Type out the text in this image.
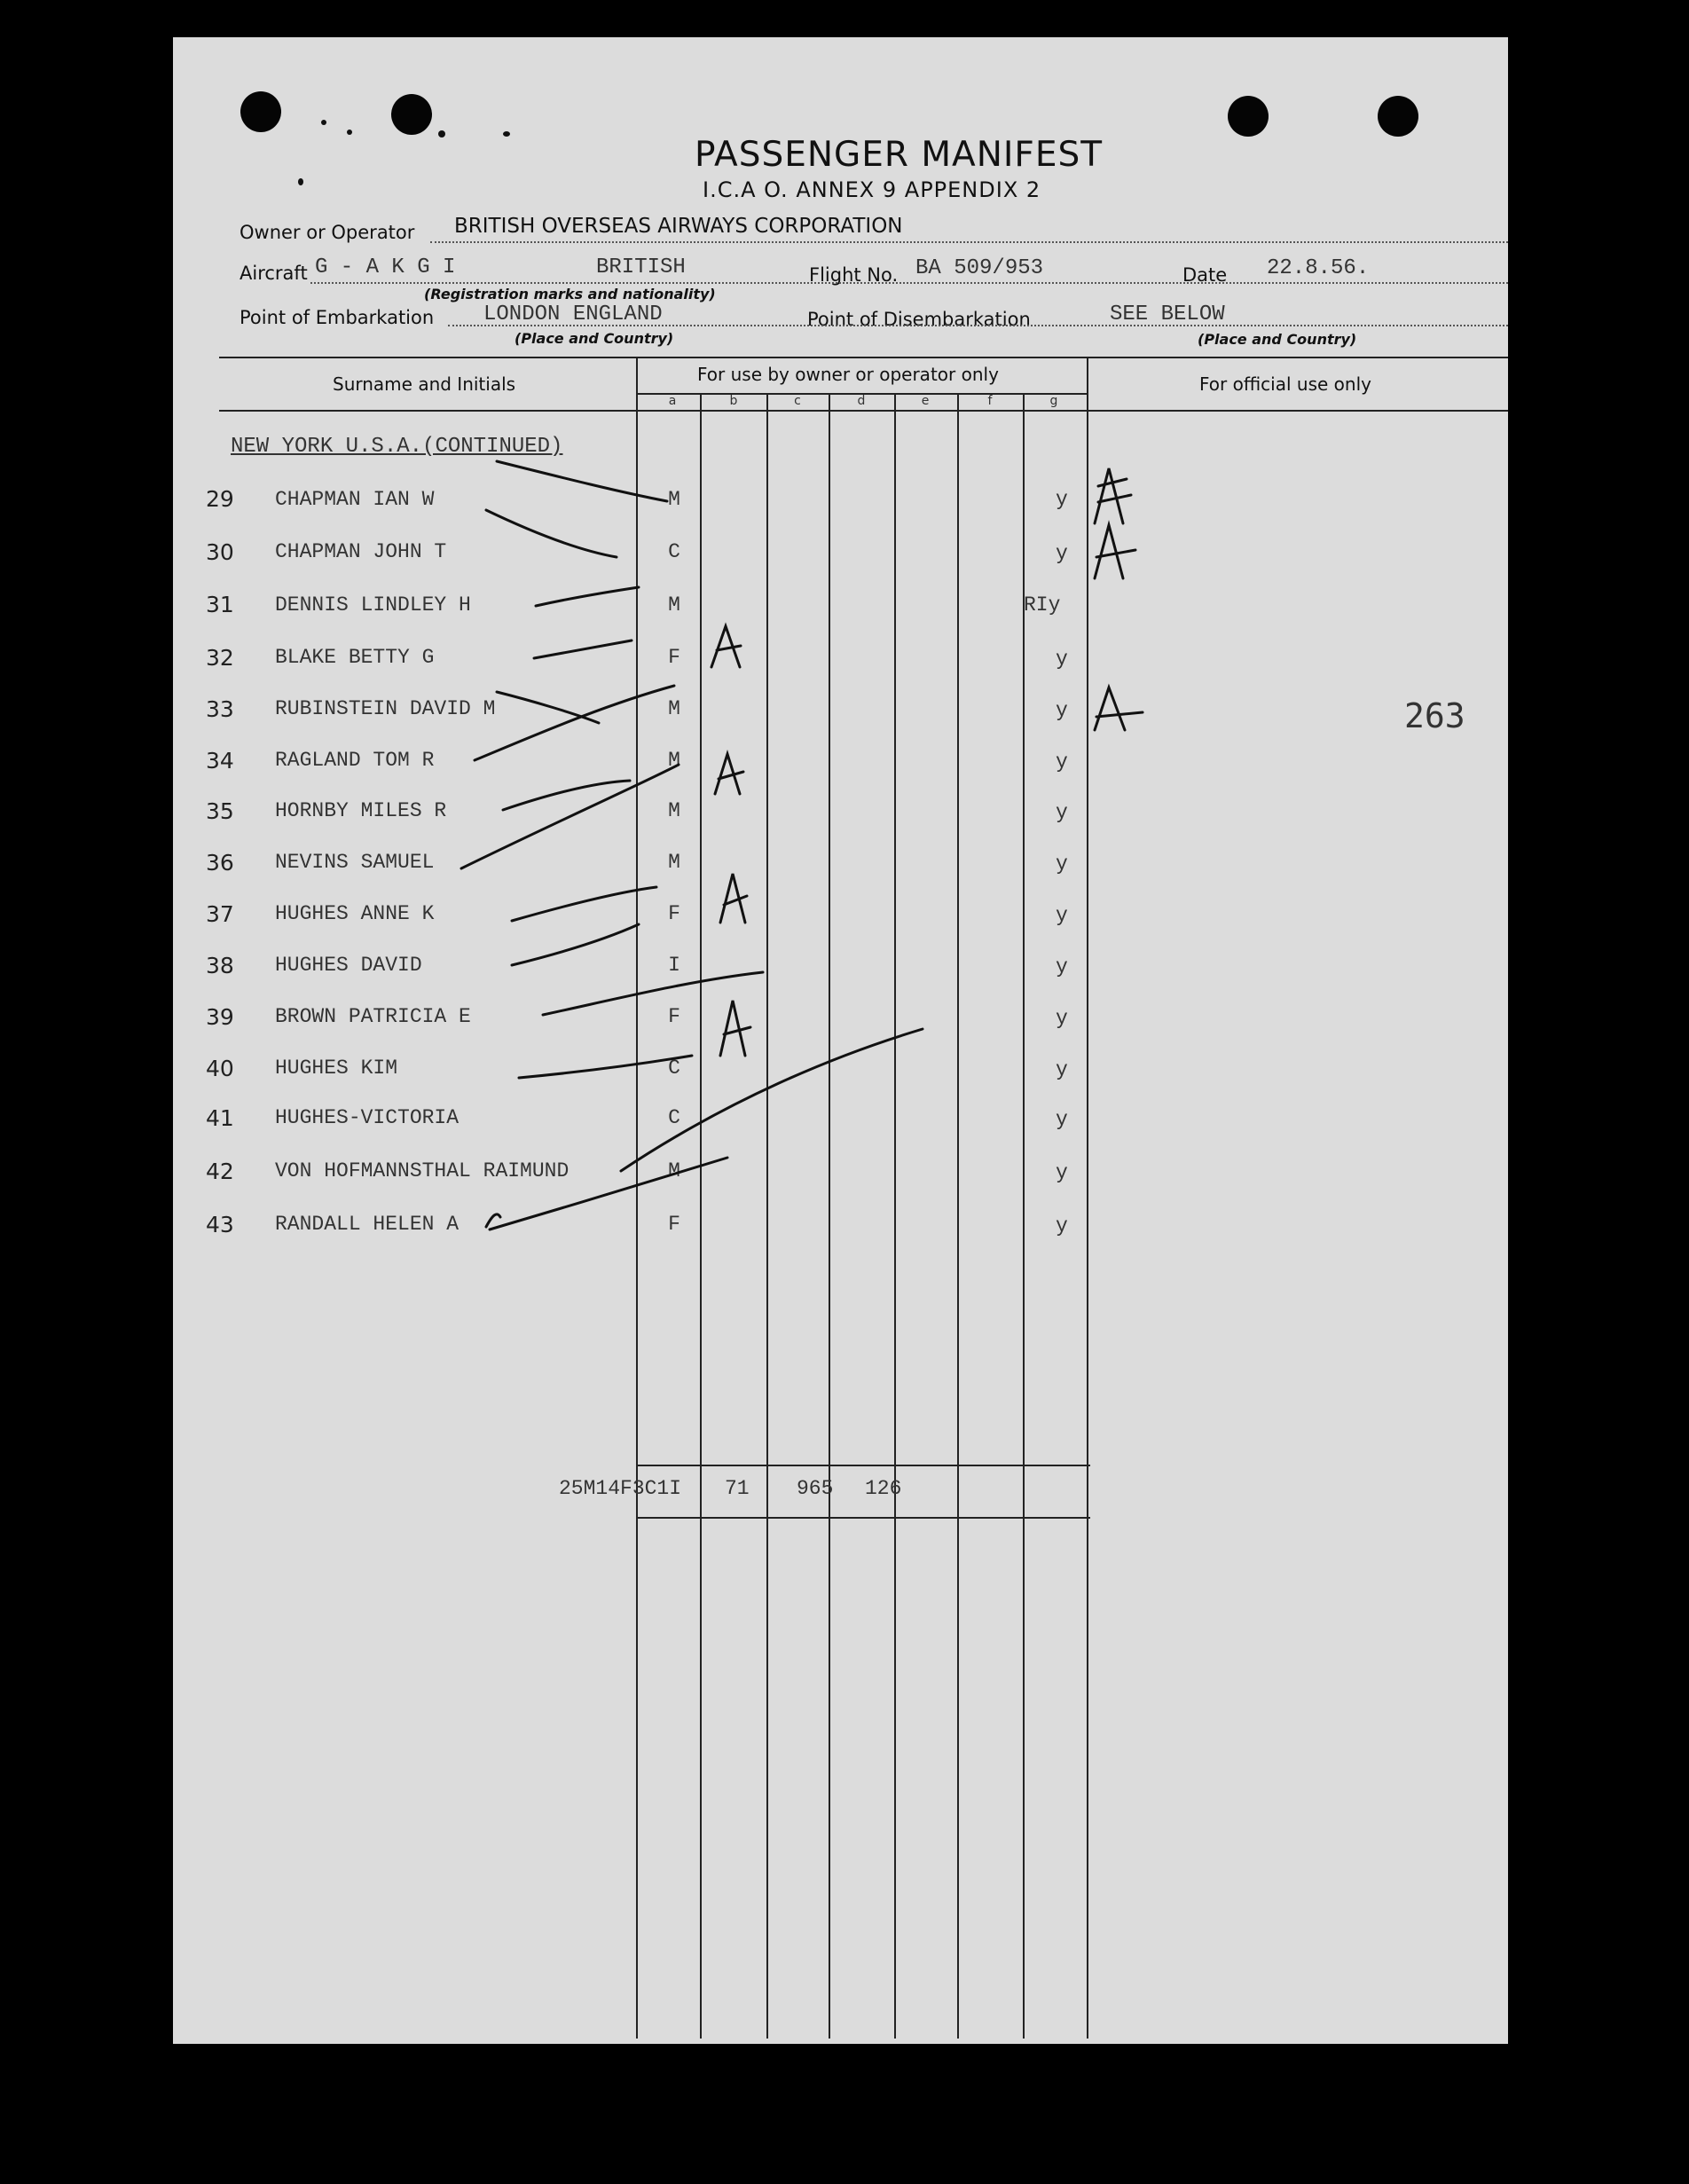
PASSENGER MANIFEST
I.C.A O. ANNEX 9 APPENDIX 2
Owner or Operator BRITISH OVERSEAS AIRWAYS CORPORATION
Aircraft G - A K G I	BRITISH	Flight No. BA 509/953	Date 22.8.56.
(Registration marks and nationality)
Point of Embarkation LONDON ENGLAND	Point of Disembarkation	SEE BELOW
(Place and Country)	(Place and Country)
Surname and Initials	For use by owner or operator only	For official use only
a	b	c	d	e	f	g
NEW YORK U.S.A.(CONTINUED)
29 CHAPMAN IAN W	M	y
30 CHAPMAN JOHN T	C	y
31 DENNIS LINDLEY H	M	RIy
32 BLAKE BETTY G	F	y
33 RUBINSTEIN DAVID M	M	y
34 RAGLAND TOM R	M	y
35 HORNBY MILES R	M	y
36 NEVINS SAMUEL	M	y
37 HUGHES ANNE K	F	y
38 HUGHES DAVID	I	y
39 BROWN PATRICIA E	F	y
40 HUGHES KIM	C	y
41 HUGHES-VICTORIA	C	y
42 VON HOFMANNSTHAL RAIMUND	M	y
43 RANDALL HELEN A	F	y
263
25M14F3C1I 71 965 126
